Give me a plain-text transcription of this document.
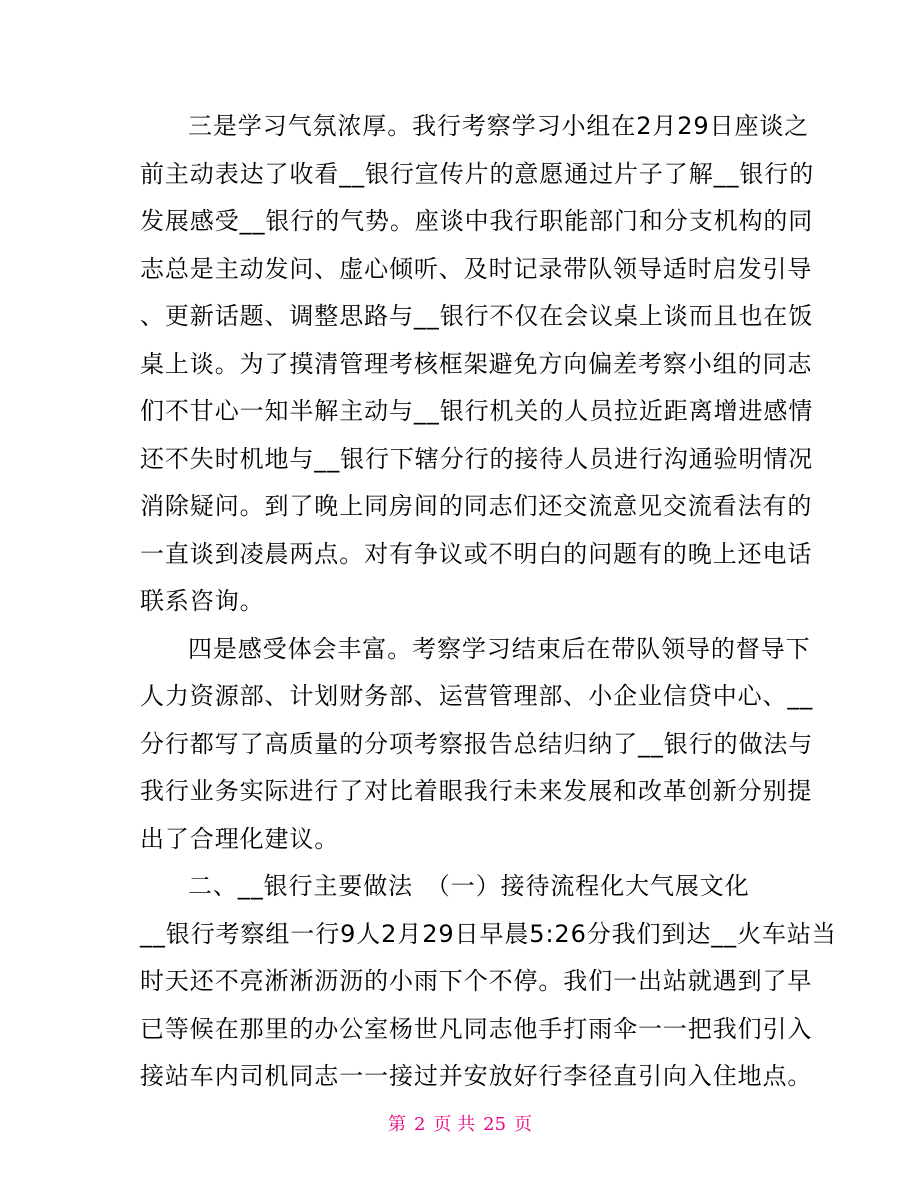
三是学习气氛浓厚。我行考察学习小组在2月29日座谈之
前主动表达了收看__银行宣传片的意愿通过片子了解__银行的
发展感受__银行的气势。座谈中我行职能部门和分支机构的同
志总是主动发问、虚心倾听、及时记录带队领导适时启发引导
、更新话题、调整思路与__银行不仅在会议桌上谈而且也在饭
桌上谈。为了摸清管理考核框架避免方向偏差考察小组的同志
们不甘心一知半解主动与__银行机关的人员拉近距离增进感情
还不失时机地与__银行下辖分行的接待人员进行沟通验明情况
消除疑问。到了晚上同房间的同志们还交流意见交流看法有的
一直谈到凌晨两点。对有争议或不明白的问题有的晚上还电话
联系咨询。
四是感受体会丰富。考察学习结束后在带队领导的督导下
人力资源部、计划财务部、运营管理部、小企业信贷中心、__
分行都写了高质量的分项考察报告总结归纳了__银行的做法与
我行业务实际进行了对比着眼我行未来发展和改革创新分别提
出了合理化建议。
二、__银行主要做法　（一）接待流程化大气展文化
__银行考察组一行9人2月29日早晨5:26分我们到达__火车站当
时天还不亮淅淅沥沥的小雨下个不停。我们一出站就遇到了早
已等候在那里的办公室杨世凡同志他手打雨伞一一把我们引入
接站车内司机同志一一接过并安放好行李径直引向入住地点。
第 2 页 共 25 页
